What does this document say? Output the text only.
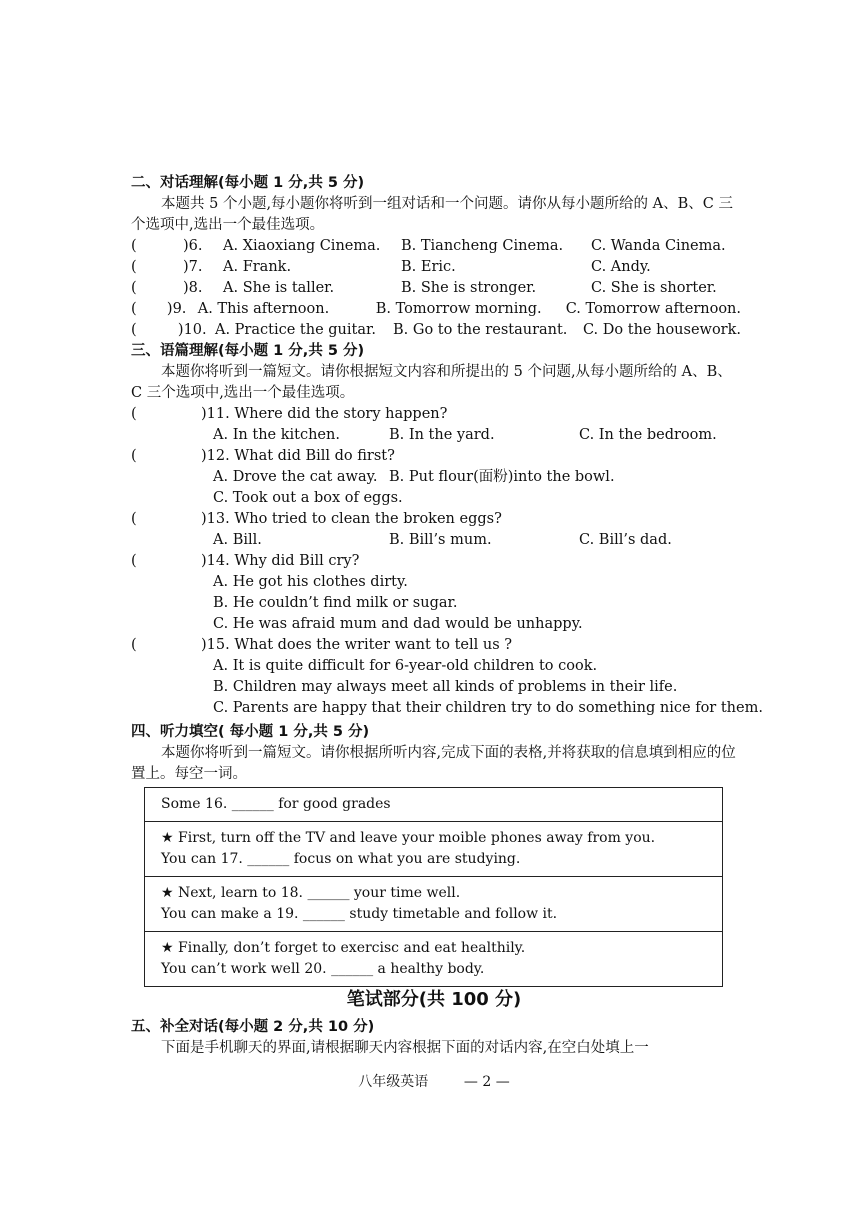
二、对话理解(每小题 1 分,共 5 分)
本题共 5 个小题,每小题你将听到一组对话和一个问题。请你从每小题所给的 A、B、C 三个选项中,选出一个最佳选项。
(	)6.	A. Xiaoxiang Cinema.	B. Tiancheng Cinema.	C. Wanda Cinema.
(	)7.	A. Frank.	B. Eric.	C. Andy.
(	)8.	A. She is taller.	B. She is stronger.	C. She is shorter.
( )9. A. This afternoon.	B. Tomorrow morning.	C. Tomorrow afternoon.
(	)10. A. Practice the guitar.	B. Go to the restaurant.	C. Do the housework.
三、语篇理解(每小题 1 分,共 5 分)
本题你将听到一篇短文。请你根据短文内容和所提出的 5 个问题,从每小题所给的 A、B、C 三个选项中,选出一个最佳选项。
(	)11. Where did the story happen?
A. In the kitchen.	B. In the yard.	C. In the bedroom.
(	)12. What did Bill do first?
A. Drove the cat away. B. Put flour(面粉)into the bowl.
C. Took out a box of eggs.
(	)13. Who tried to clean the broken eggs?
A. Bill.	B. Bill’s mum.	C. Bill’s dad.
(	)14. Why did Bill cry?
A. He got his clothes dirty.
B. He couldn’t find milk or sugar.
C. He was afraid mum and dad would be unhappy.
(	)15. What does the writer want to tell us ?
A. It is quite difficult for 6-year-old children to cook.
B. Children may always meet all kinds of problems in their life.
C. Parents are happy that their children try to do something nice for them.
四、听力填空( 每小题 1 分,共 5 分)
本题你将听到一篇短文。请你根据所听内容,完成下面的表格,并将获取的信息填到相应的位置上。每空一词。
Some 16. ______ for good grades

★ First, turn off the TV and leave your moible phones away from you.
You can 17. ______ focus on what you are studying.

★ Next, learn to 18. ______ your time well.
You can make a 19. ______ study timetable and follow it.

★ Finally, don’t forget to exercisc and eat healthily.
You can’t work well 20. ______ a healthy body.
笔试部分(共 100 分)
五、补全对话(每小题 2 分,共 10 分)
下面是手机聊天的界面,请根据聊天内容根据下面的对话内容,在空白处填上一
八年级英语        — 2 —
